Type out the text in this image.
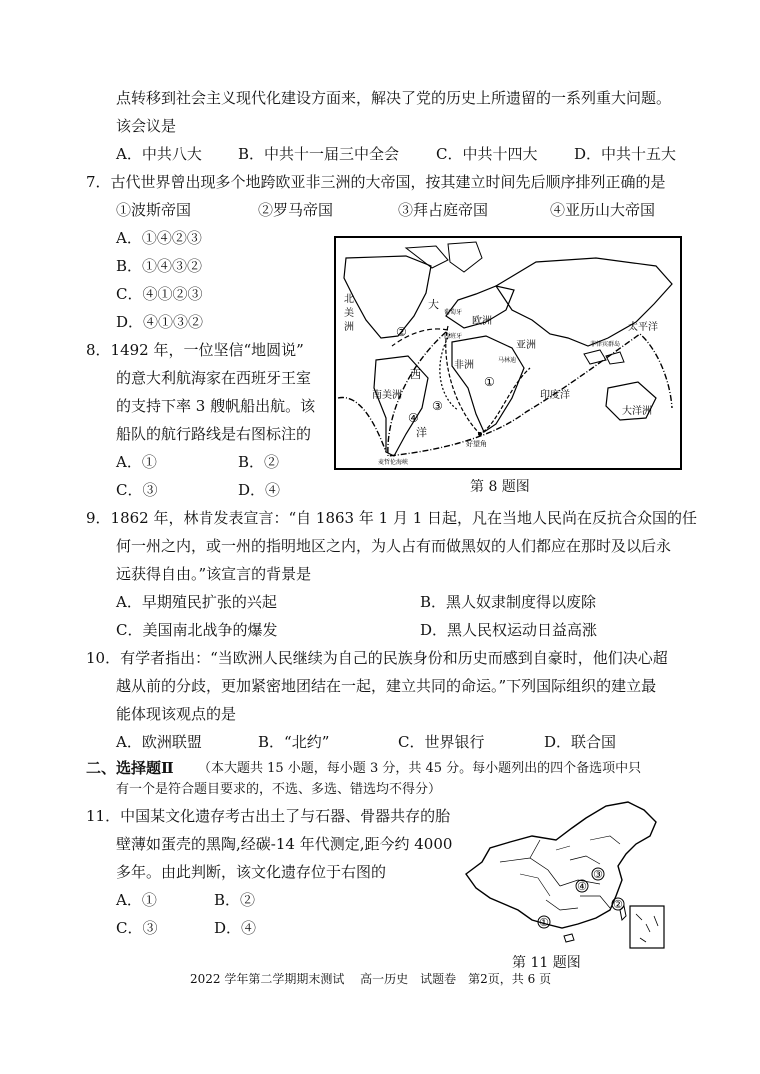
点转移到社会主义现代化建设方面来，解决了党的历史上所遗留的一系列重大问题。
该会议是
A．中共八大 B．中共十一届三中全会 C．中共十四大 D．中共十五大
7．古代世界曾出现多个地跨欧亚非三洲的大帝国，按其建立时间先后顺序排列正确的是
①波斯帝国	②罗马帝国	③拜占庭帝国	④亚历山大帝国
A．①④②③
B．①④③②
C．④①②③
D．④①③②
8．1492 年，一位坚信“地圆说”
的意大利航海家在西班牙王室
的支持下率 3 艘帆船出航。该
船队的航行路线是右图标注的
A．①	B．②
C．③	D．④
北
美
洲
大
西
洋
欧洲
亚洲
非洲
南美洲
太平洋
印度洋
大洋洲
葡萄牙
西班牙
好望角
菲律宾群岛
麦哲伦海峡
马林迪
①
②
③
④
第 8 题图
9．1862 年，林肯发表宣言：“自 1863 年 1 月 1 日起，凡在当地人民尚在反抗合众国的任
何一州之内，或一州的指明地区之内，为人占有而做黑奴的人们都应在那时及以后永
远获得自由。”该宣言的背景是
A．早期殖民扩张的兴起	B．黑人奴隶制度得以废除
C．美国南北战争的爆发	D．黑人民权运动日益高涨
10．有学者指出：“当欧洲人民继续为自己的民族身份和历史而感到自豪时，他们决心超
越从前的分歧，更加紧密地团结在一起，建立共同的命运。”下列国际组织的建立最
能体现该观点的是
A．欧洲联盟	B．“北约”	C．世界银行	D．联合国
二、选择题Ⅱ （本大题共 15 小题，每小题 3 分，共 45 分。每小题列出的四个备选项中只
有一个是符合题目要求的，不选、多选、错选均不得分）
11．中国某文化遗存考古出土了与石器、骨器共存的胎
壁薄如蛋壳的黑陶,经碳-14 年代测定,距今约 4000
多年。由此判断，该文化遗存位于右图的
A．①	B．②
C．③	D．④	①
②
③
④
第 11 题图
2022 学年第二学期期末测试　 高一历史　试题卷　第2页，共 6 页
